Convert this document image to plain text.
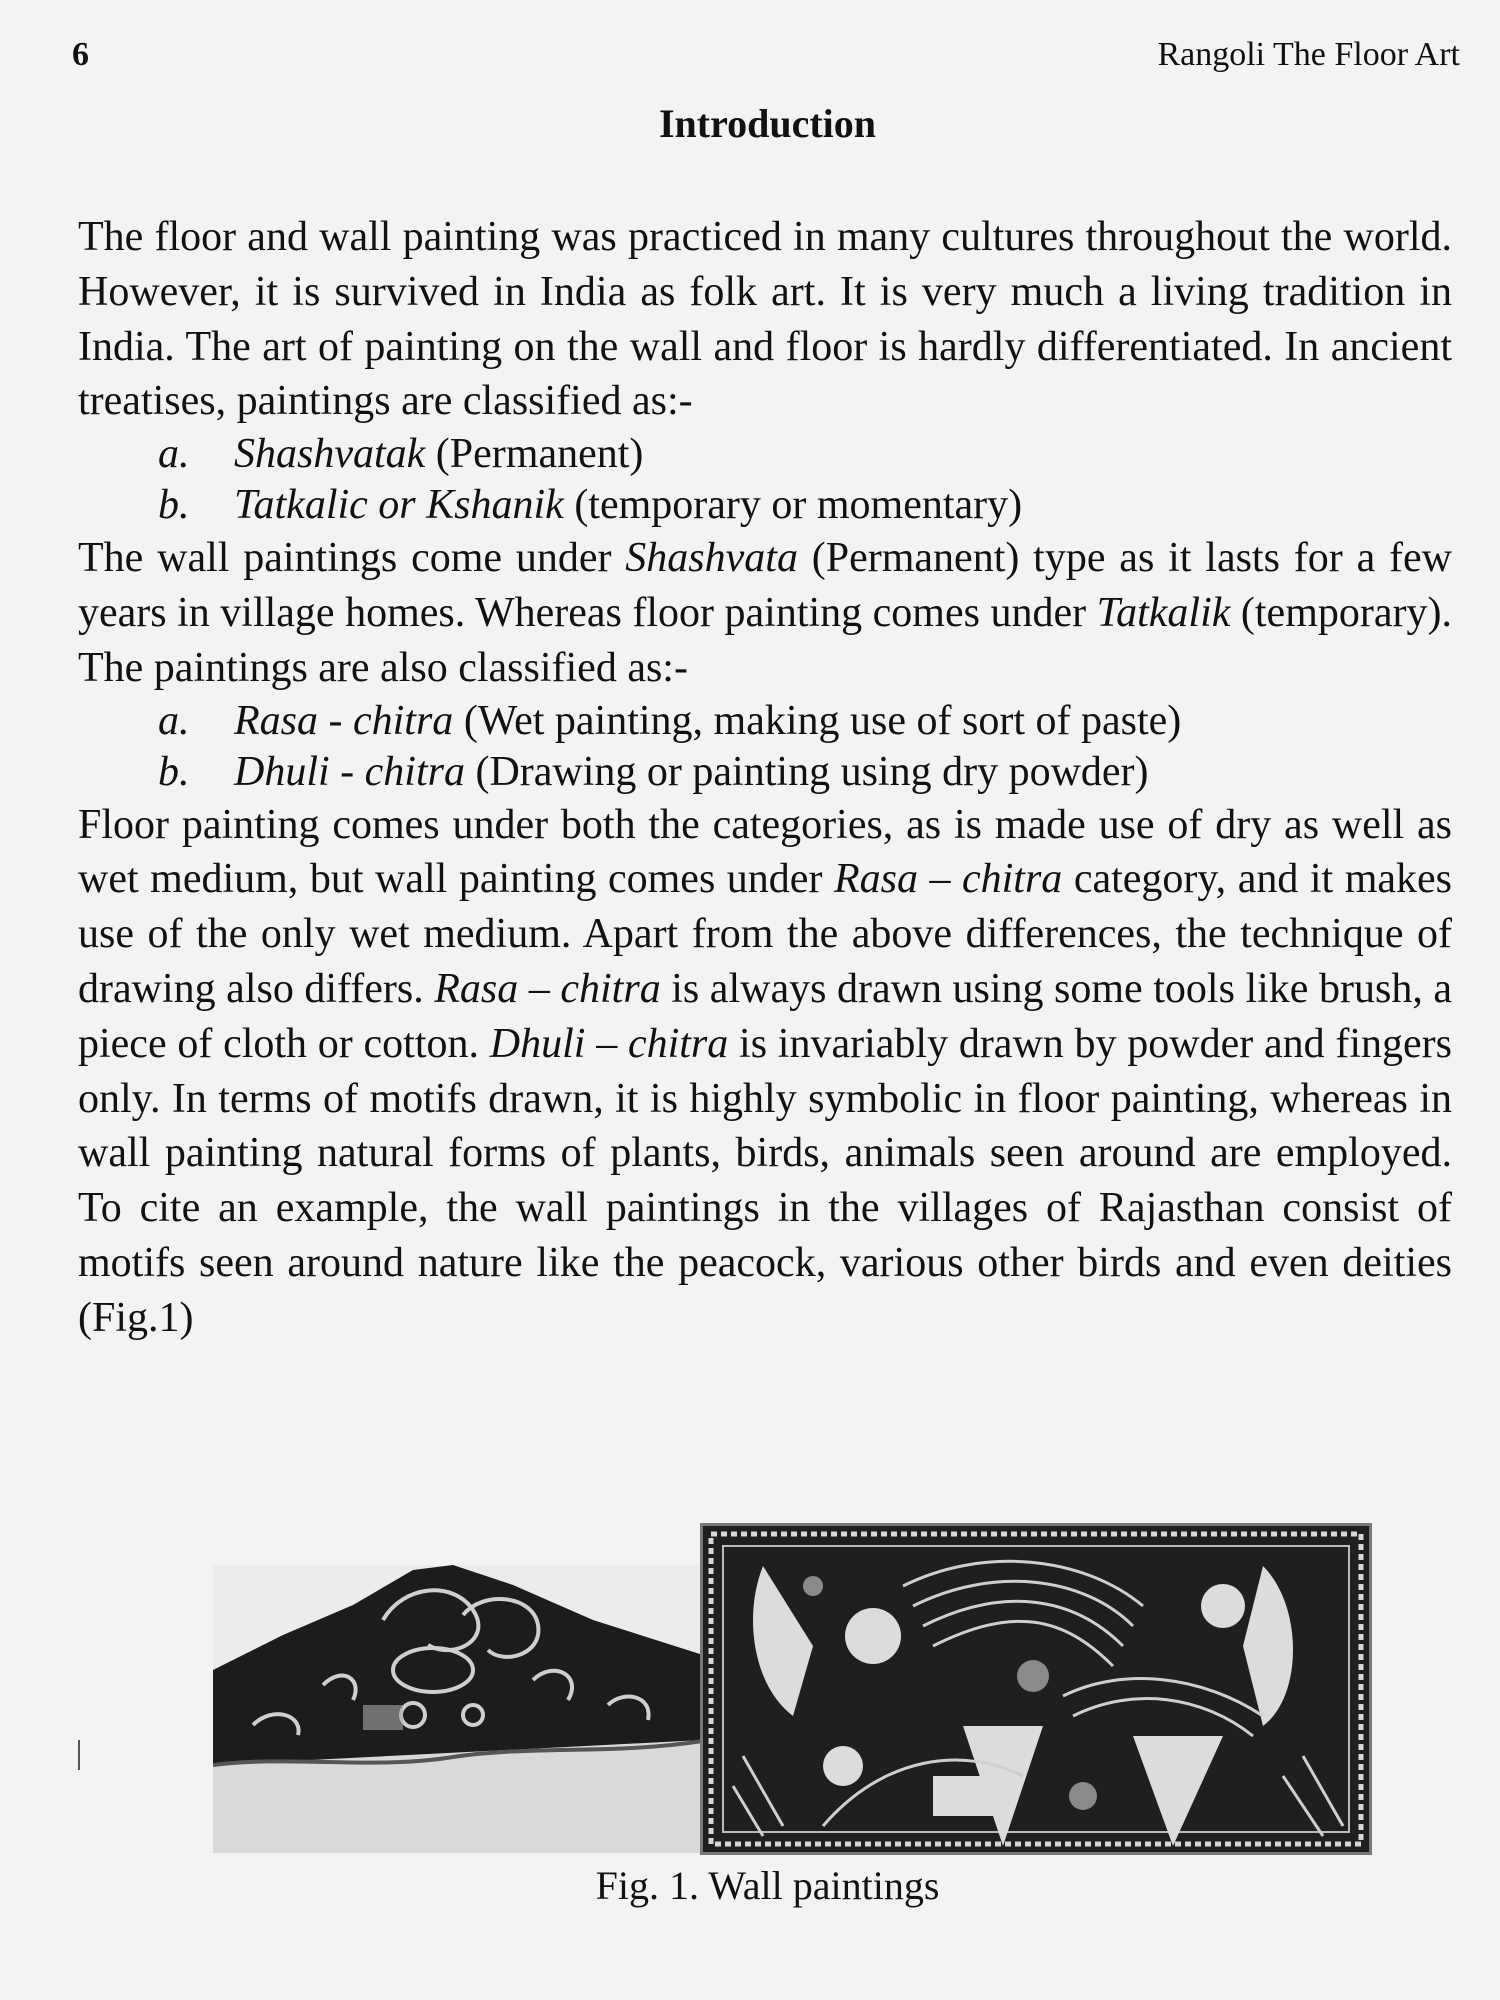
6	Rangoli The Floor Art
Introduction

The floor and wall painting was practiced in many cultures throughout the world. However, it is survived in India as folk art. It is very much a living tradition in India. The art of painting on the wall and floor is hardly differentiated. In ancient treatises, paintings are classified as:-

a. Shashvatak (Permanent)

b. Tatkalic or Kshanik (temporary or momentary)

The wall paintings come under Shashvata (Permanent) type as it lasts for a few years in village homes. Whereas floor painting comes under Tatkalik (temporary).

The paintings are also classified as:-

a. Rasa - chitra (Wet painting, making use of sort of paste)

b. Dhuli - chitra (Drawing or painting using dry powder)

Floor painting comes under both the categories, as is made use of dry as well as wet medium, but wall painting comes under Rasa – chitra category, and it makes use of the only wet medium. Apart from the above differences, the technique of drawing also differs. Rasa – chitra is always drawn using some tools like brush, a piece of cloth or cotton. Dhuli – chitra is invariably drawn by powder and fingers only. In terms of motifs drawn, it is highly symbolic in floor painting, whereas in wall painting natural forms of plants, birds, animals seen around are employed. To cite an example, the wall paintings in the villages of Rajasthan consist of motifs seen around nature like the peacock, various other birds and even deities (Fig.1)

Fig. 1. Wall paintings
